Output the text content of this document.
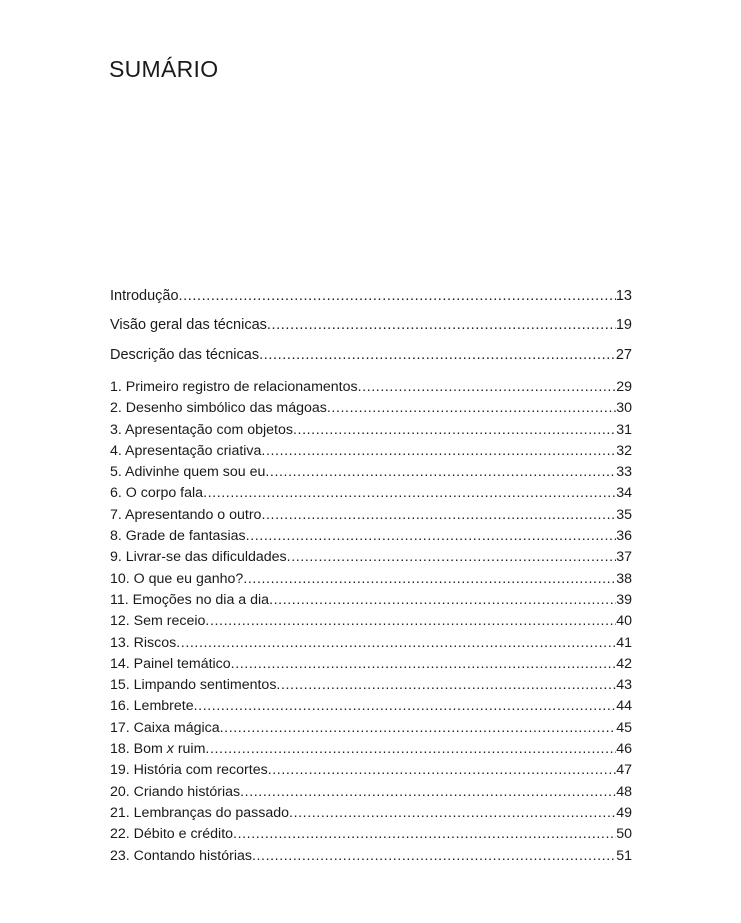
SUMÁRIO
Introdução .....	13
Visão geral das técnicas .....	19
Descrição das técnicas .....	27
1. Primeiro registro de relacionamentos .....	29
2. Desenho simbólico das mágoas .....	30
3. Apresentação com objetos .....	31
4. Apresentação criativa .....	32
5. Adivinhe quem sou eu .....	33
6. O corpo fala .....	34
7. Apresentando o outro .....	35
8. Grade de fantasias .....	36
9. Livrar-se das dificuldades .....	37
10. O que eu ganho? .....	38
11. Emoções no dia a dia .....	39
12. Sem receio .....	40
13. Riscos .....	41
14. Painel temático .....	42
15. Limpando sentimentos .....	43
16. Lembrete .....	44
17. Caixa mágica .....	45
18. Bom x ruim .....	46
19. História com recortes .....	47
20. Criando histórias .....	48
21. Lembranças do passado .....	49
22. Débito e crédito .....	50
23. Contando histórias .....	51
